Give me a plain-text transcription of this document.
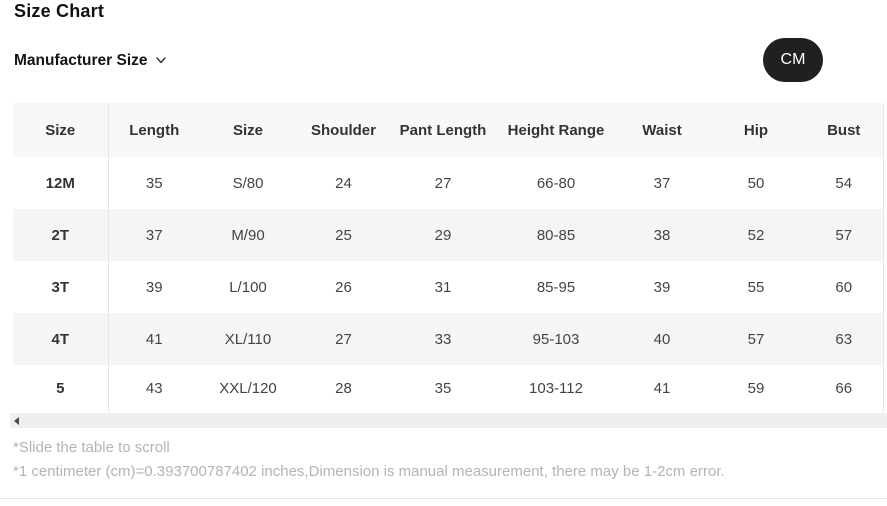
Size Chart
Manufacturer Size	CM
Size	Length	Size	Shoulder	Pant Length	Height Range	Waist	Hip	Bust
12M	35	S/80	24	27	66-80	37	50	54
2T	37	M/90	25	29	80-85	38	52	57
3T	39	L/100	26	31	85-95	39	55	60
4T	41	XL/110	27	33	95-103	40	57	63
5	43	XXL/120	28	35	103-112	41	59	66
*Slide the table to scroll
*1 centimeter (cm)=0.393700787402 inches,Dimension is manual measurement, there may be 1-2cm error.
